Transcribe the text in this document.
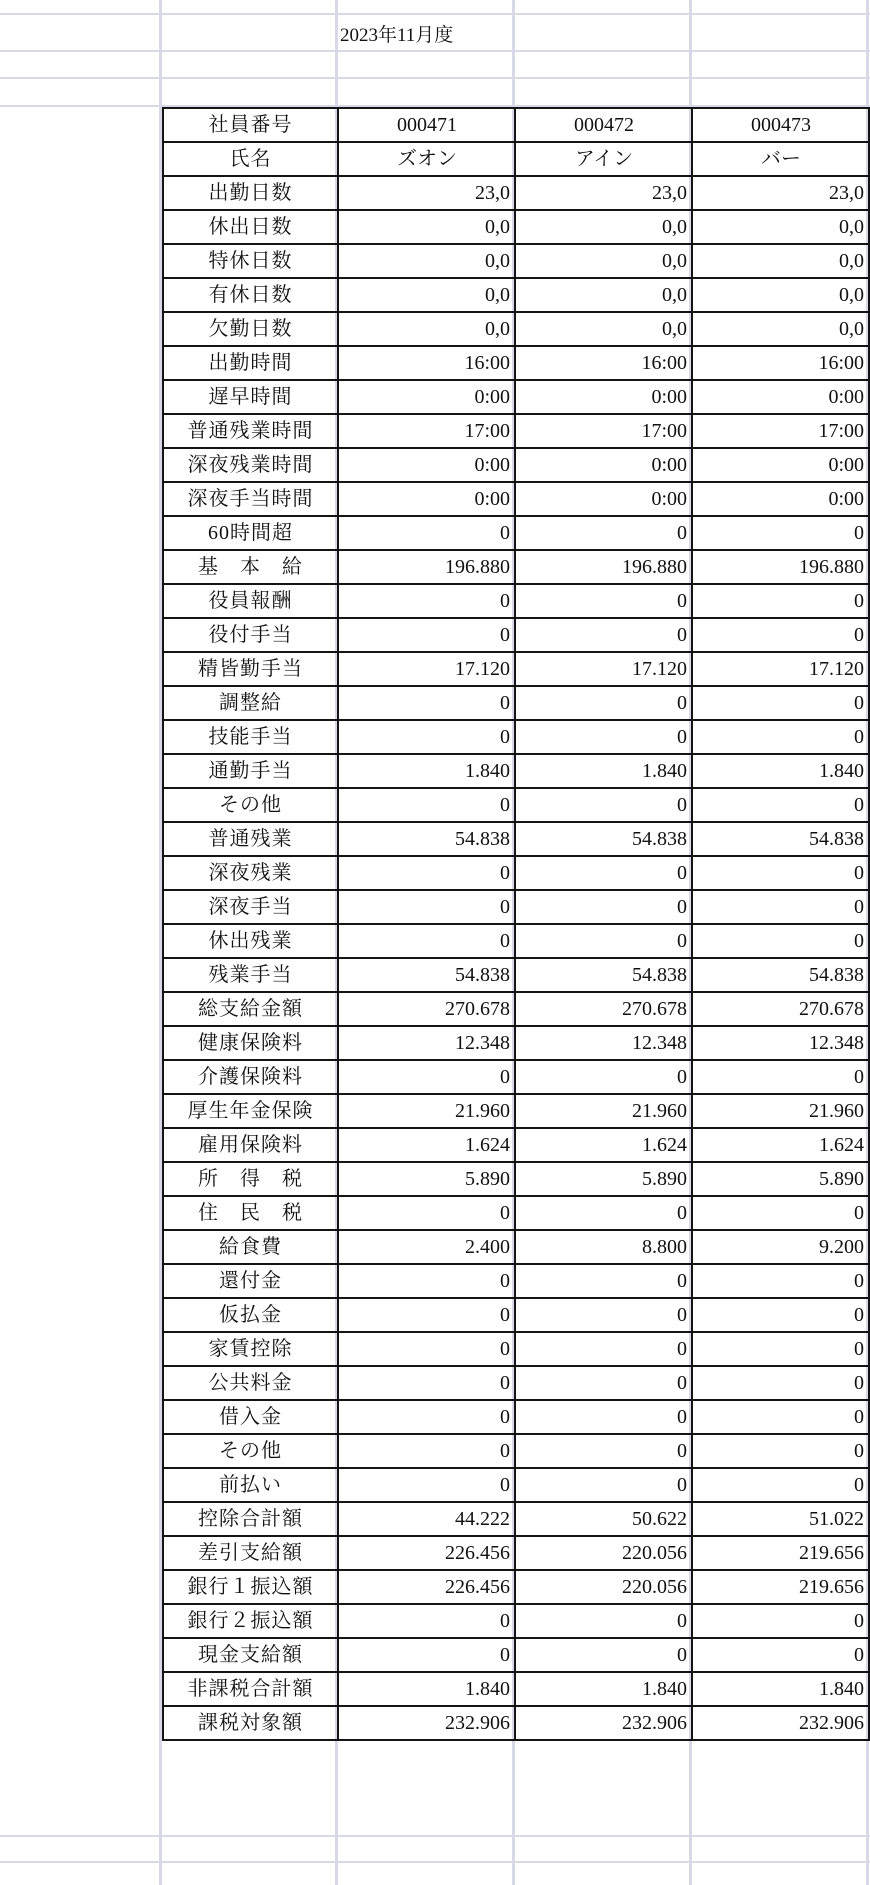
2023年11月度
社員番号	000471	000472	000473
氏名	ズオン	アイン	バー
出勤日数	23,0	23,0	23,0
休出日数	0,0	0,0	0,0
特休日数	0,0	0,0	0,0
有休日数	0,0	0,0	0,0
欠勤日数	0,0	0,0	0,0
出勤時間	16:00	16:00	16:00
遅早時間	0:00	0:00	0:00
普通残業時間	17:00	17:00	17:00
深夜残業時間	0:00	0:00	0:00
深夜手当時間	0:00	0:00	0:00
60時間超	0	0	0
基　本　給	196.880	196.880	196.880
役員報酬	0	0	0
役付手当	0	0	0
精皆勤手当	17.120	17.120	17.120
調整給	0	0	0
技能手当	0	0	0
通勤手当	1.840	1.840	1.840
その他	0	0	0
普通残業	54.838	54.838	54.838
深夜残業	0	0	0
深夜手当	0	0	0
休出残業	0	0	0
残業手当	54.838	54.838	54.838
総支給金額	270.678	270.678	270.678
健康保険料	12.348	12.348	12.348
介護保険料	0	0	0
厚生年金保険	21.960	21.960	21.960
雇用保険料	1.624	1.624	1.624
所　得　税	5.890	5.890	5.890
住　民　税	0	0	0
給食費	2.400	8.800	9.200
還付金	0	0	0
仮払金	0	0	0
家賃控除	0	0	0
公共料金	0	0	0
借入金	0	0	0
その他	0	0	0
前払い	0	0	0
控除合計額	44.222	50.622	51.022
差引支給額	226.456	220.056	219.656
銀行１振込額	226.456	220.056	219.656
銀行２振込額	0	0	0
現金支給額	0	0	0
非課税合計額	1.840	1.840	1.840
課税対象額	232.906	232.906	232.906
